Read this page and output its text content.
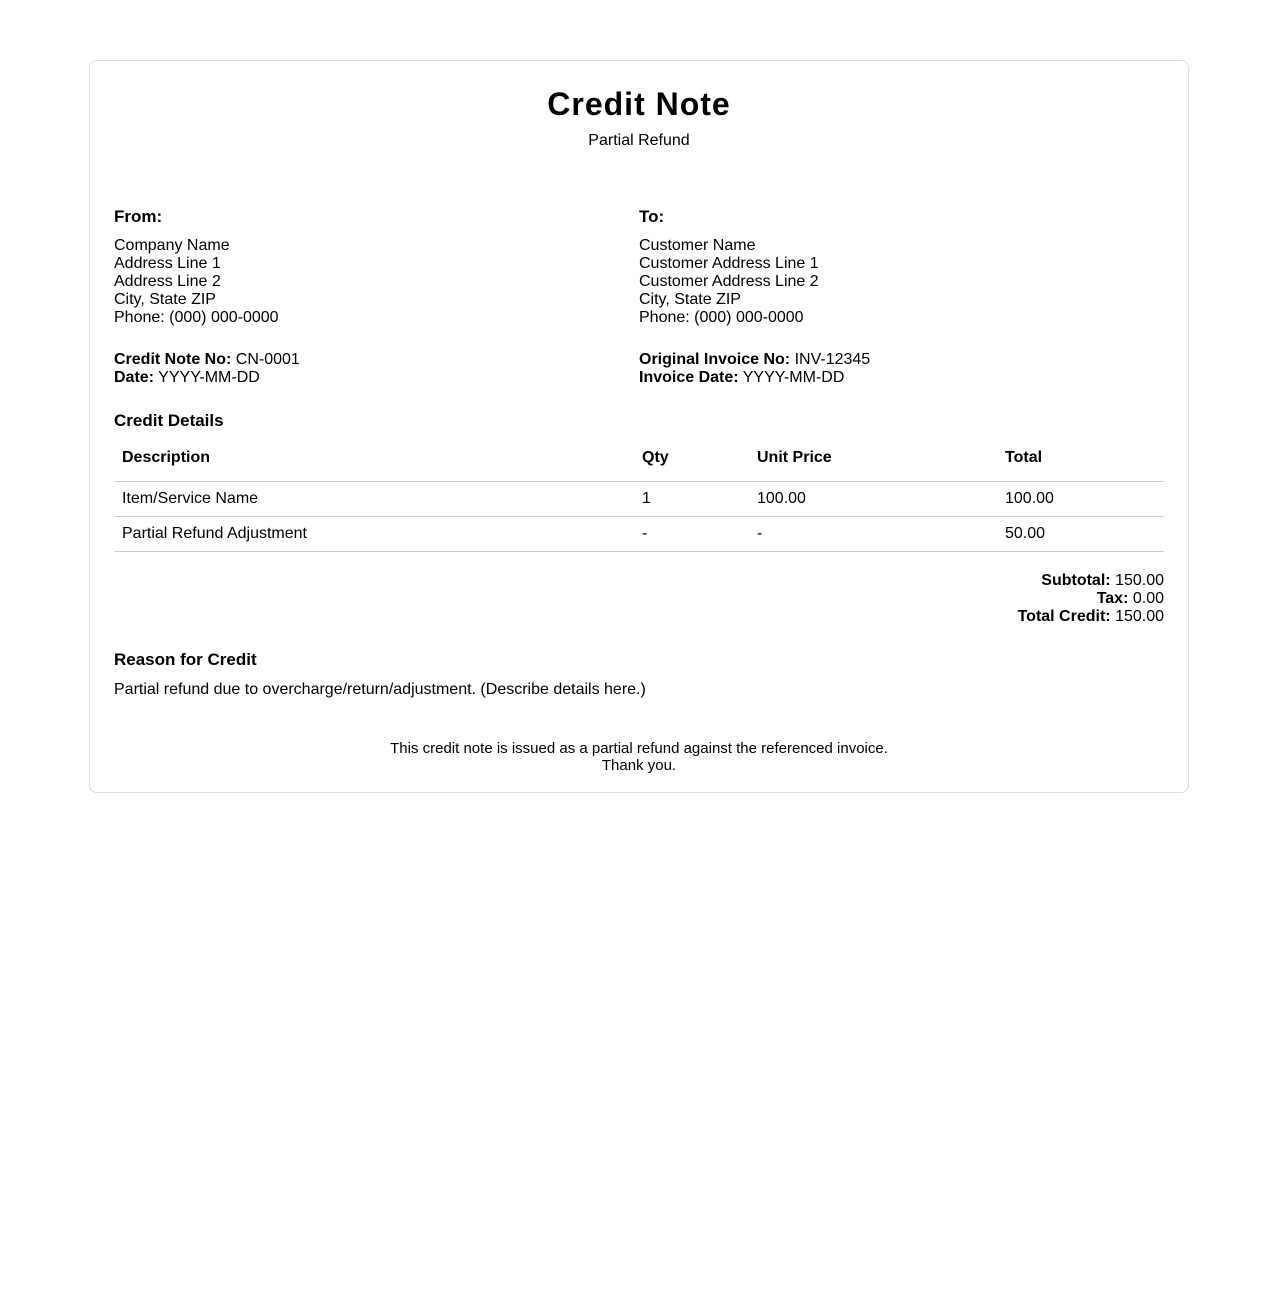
Credit Note
Partial Refund
From:
Company Name
Address Line 1
Address Line 2
City, State ZIP
Phone: (000) 000-0000
Credit Note No: CN-0001
Date: YYYY-MM-DD
To:
Customer Name
Customer Address Line 1
Customer Address Line 2
City, State ZIP
Phone: (000) 000-0000
Original Invoice No: INV-12345
Invoice Date: YYYY-MM-DD
Credit Details
Description	Qty	Unit Price	Total
Item/Service Name	1	100.00	100.00
Partial Refund Adjustment	-	-	50.00
Subtotal: 150.00
Tax: 0.00
Total Credit: 150.00
Reason for Credit
Partial refund due to overcharge/return/adjustment. (Describe details here.)
This credit note is issued as a partial refund against the referenced invoice.
Thank you.
